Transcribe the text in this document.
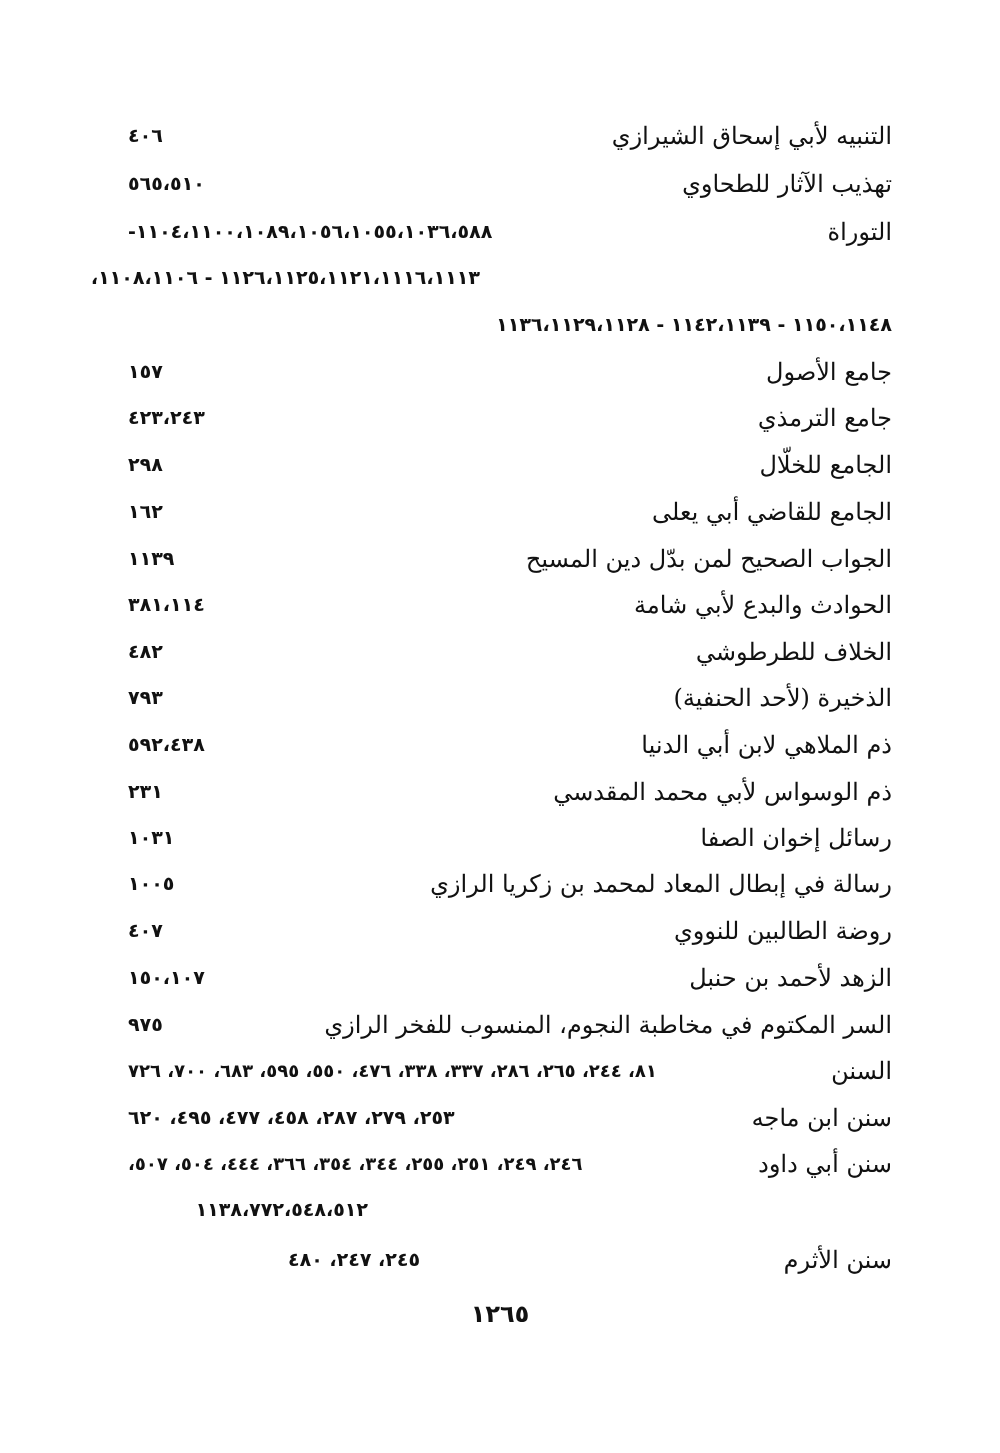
التنبيه لأبي إسحاق الشيرازي
٤٠٦
تهذيب الآثار للطحاوي
٥٦٥،٥١٠
التوراة
١١٠٤،١١٠٠،١٠٨٩،١٠٥٦،١٠٥٥،١٠٣٦،٥٨٨-
١١٢٦،١١٢٥،١١٢١،١١١٦،١١١٣ - ١١٠٨،١١٠٦،
١١٥٠،١١٤٨ - ١١٤٢،١١٣٩ - ١١٣٦،١١٢٩،١١٢٨
جامع الأصول
١٥٧
جامع الترمذي
٤٢٣،٢٤٣
الجامع للخلّال
٢٩٨
الجامع للقاضي أبي يعلى
١٦٢
الجواب الصحيح لمن بدّل دين المسيح
١١٣٩
الحوادث والبدع لأبي شامة
٣٨١،١١٤
الخلاف للطرطوشي
٤٨٢
الذخيرة (لأحد الحنفية)
٧٩٣
ذم الملاهي لابن أبي الدنيا
٥٩٢،٤٣٨
ذم الوسواس لأبي محمد المقدسي
٢٣١
رسائل إخوان الصفا
١٠٣١
رسالة في إبطال المعاد لمحمد بن زكريا الرازي
١٠٠٥
روضة الطالبين للنووي
٤٠٧
الزهد لأحمد بن حنبل
١٥٠،١٠٧
السر المكتوم في مخاطبة النجوم، المنسوب للفخر الرازي
٩٧٥
السنن
٨١، ٢٤٤، ٢٦٥، ٢٨٦، ٣٣٧، ٣٣٨، ٤٧٦، ٥٥٠، ٥٩٥، ٦٨٣، ٧٠٠، ٧٢٦
سنن ابن ماجه
٢٥٣، ٢٧٩، ٢٨٧، ٤٥٨، ٤٧٧، ٤٩٥، ٦٢٠
سنن أبي داود
٢٤٦، ٢٤٩، ٢٥١، ٢٥٥، ٣٤٤، ٣٥٤، ٣٦٦، ٤٤٤، ٥٠٤، ٥٠٧،
١١٣٨،٧٧٢،٥٤٨،٥١٢
سنن الأثرم
٢٤٥، ٢٤٧، ٤٨٠
١٢٦٥
